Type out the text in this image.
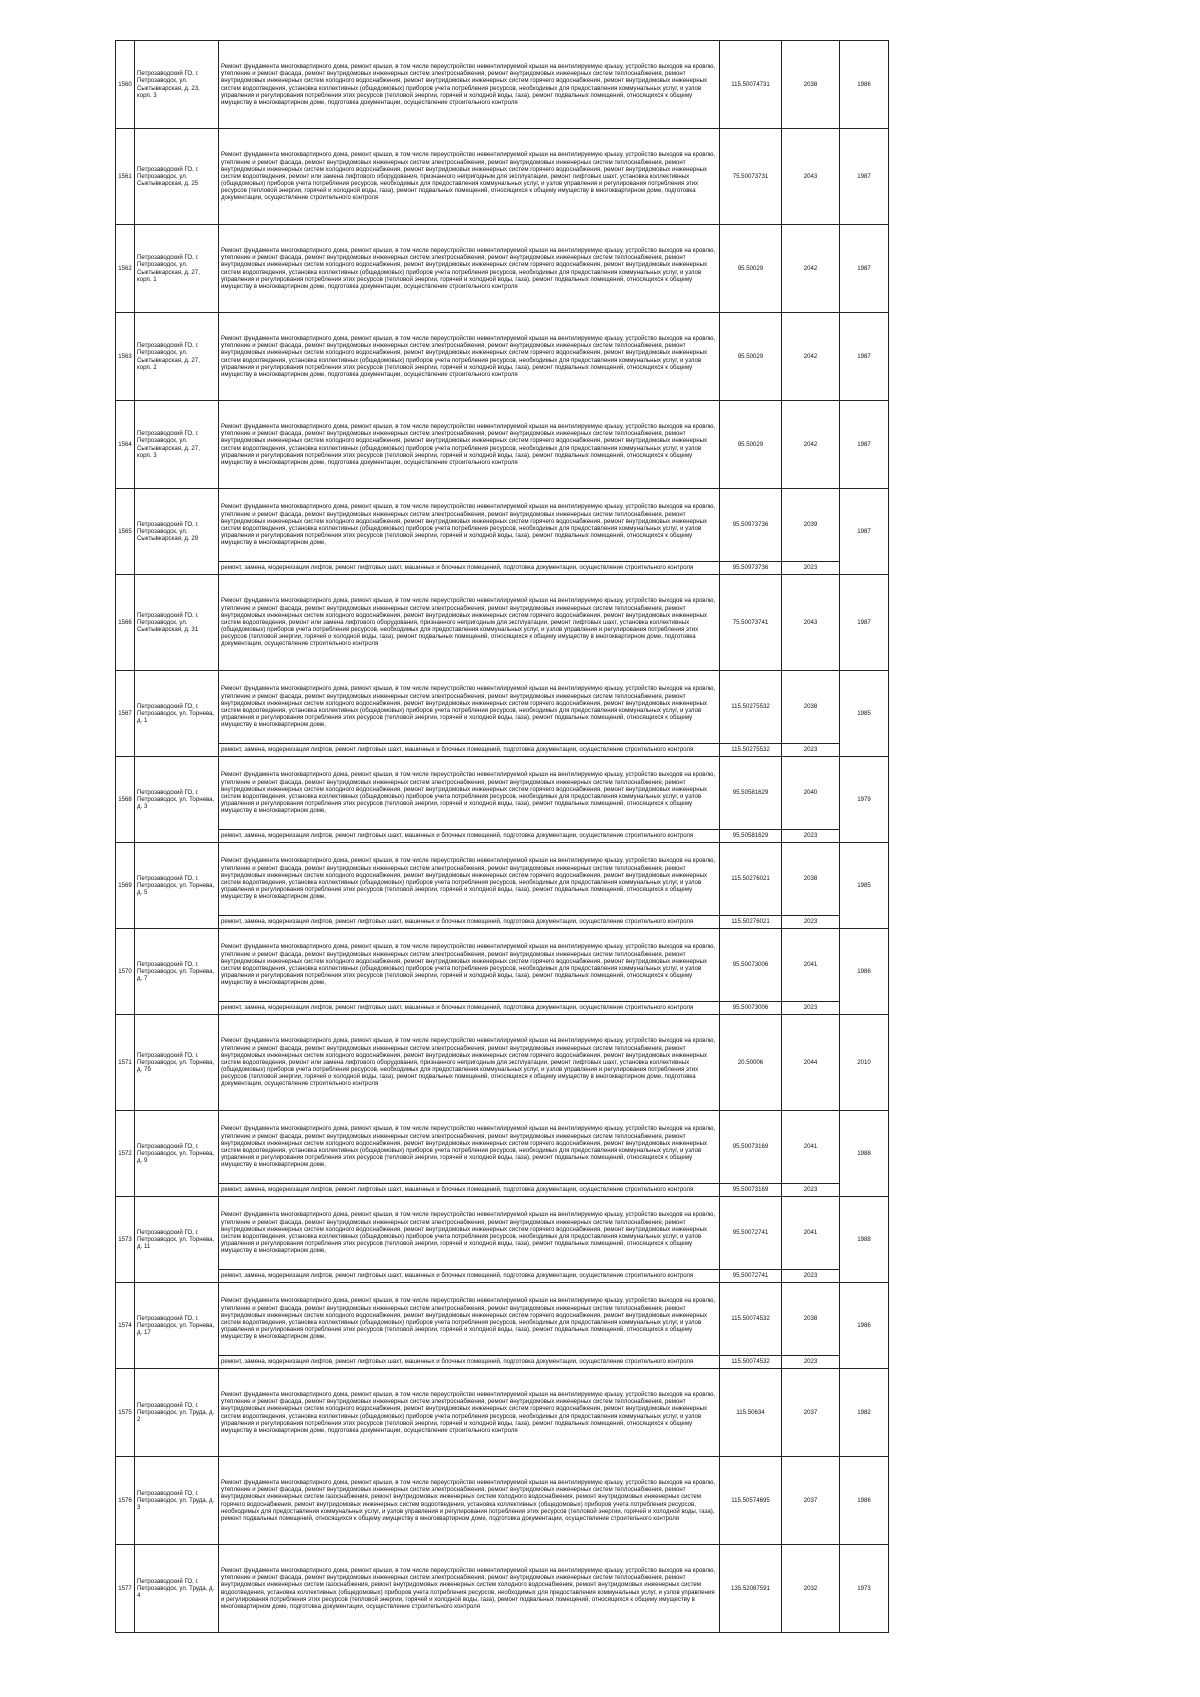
1560	Петрозаводский ГО, г. Петрозаводск, ул. Сыктывкарская, д. 23, корп. 3	Ремонт фундамента многоквартирного дома, ремонт крыши, в том числе переустройство невентилируемой крыши на вентилируемую крышу, устройство выходов на кровлю, утепление и ремонт фасада, ремонт внутридомовых инженерных систем электроснабжения, ремонт внутридомовых инженерных систем теплоснабжения, ремонт внутридомовых инженерных систем холодного водоснабжения, ремонт внутридомовых инженерных систем горячего водоснабжения, ремонт внутридомовых инженерных систем водоотведения, установка коллективных (общедомовых) приборов учета потребления ресурсов, необходимых для предоставления коммунальных услуг, и узлов управления и регулирования потребления этих ресурсов (тепловой энергии, горячей и холодной воды, газа), ремонт подвальных помещений, относящихся к общему имуществу в многоквартирном доме, подготовка документации, осуществление строительного контроля	115.50074731	2038	1986
1561	Петрозаводский ГО, г. Петрозаводск, ул. Сыктывкарская, д. 25	Ремонт фундамента многоквартирного дома, ремонт крыши, в том числе переустройство невентилируемой крыши на вентилируемую крышу, устройство выходов на кровлю, утепление и ремонт фасада, ремонт внутридомовых инженерных систем электроснабжения, ремонт внутридомовых инженерных систем теплоснабжения, ремонт внутридомовых инженерных систем холодного водоснабжения, ремонт внутридомовых инженерных систем горячего водоснабжения, ремонт внутридомовых инженерных систем водоотведения, ремонт или замена лифтового оборудования, признанного непригодным для эксплуатации, ремонт лифтовых шахт, установка коллективных (общедомовых) приборов учета потребления ресурсов, необходимых для предоставления коммунальных услуг, и узлов управления и регулирования потребления этих ресурсов (тепловой энергии, горячей и холодной воды, газа), ремонт подвальных помещений, относящихся к общему имуществу в многоквартирном доме, подготовка документации, осуществление строительного контроля	75.50073731	2043	1987
1562	Петрозаводский ГО, г. Петрозаводск, ул. Сыктывкарская, д. 27, корп. 1	Ремонт фундамента многоквартирного дома, ремонт крыши, в том числе переустройство невентилируемой крыши на вентилируемую крышу, устройство выходов на кровлю, утепление и ремонт фасада, ремонт внутридомовых инженерных систем электроснабжения, ремонт внутридомовых инженерных систем теплоснабжения, ремонт внутридомовых инженерных систем холодного водоснабжения, ремонт внутридомовых инженерных систем горячего водоснабжения, ремонт внутридомовых инженерных систем водоотведения, установка коллективных (общедомовых) приборов учета потребления ресурсов, необходимых для предоставления коммунальных услуг, и узлов управления и регулирования потребления этих ресурсов (тепловой энергии, горячей и холодной воды, газа), ремонт подвальных помещений, относящихся к общему имуществу в многоквартирном доме, подготовка документации, осуществление строительного контроля	95.50029	2042	1987
1563	Петрозаводский ГО, г. Петрозаводск, ул. Сыктывкарская, д. 27, корп. 2	Ремонт фундамента многоквартирного дома, ремонт крыши, в том числе переустройство невентилируемой крыши на вентилируемую крышу, устройство выходов на кровлю, утепление и ремонт фасада, ремонт внутридомовых инженерных систем электроснабжения, ремонт внутридомовых инженерных систем теплоснабжения, ремонт внутридомовых инженерных систем холодного водоснабжения, ремонт внутридомовых инженерных систем горячего водоснабжения, ремонт внутридомовых инженерных систем водоотведения, установка коллективных (общедомовых) приборов учета потребления ресурсов, необходимых для предоставления коммунальных услуг, и узлов управления и регулирования потребления этих ресурсов (тепловой энергии, горячей и холодной воды, газа), ремонт подвальных помещений, относящихся к общему имуществу в многоквартирном доме, подготовка документации, осуществление строительного контроля	95.50029	2042	1987
1564	Петрозаводский ГО, г. Петрозаводск, ул. Сыктывкарская, д. 27, корп. 3	Ремонт фундамента многоквартирного дома, ремонт крыши, в том числе переустройство невентилируемой крыши на вентилируемую крышу, устройство выходов на кровлю, утепление и ремонт фасада, ремонт внутридомовых инженерных систем электроснабжения, ремонт внутридомовых инженерных систем теплоснабжения, ремонт внутридомовых инженерных систем холодного водоснабжения, ремонт внутридомовых инженерных систем горячего водоснабжения, ремонт внутридомовых инженерных систем водоотведения, установка коллективных (общедомовых) приборов учета потребления ресурсов, необходимых для предоставления коммунальных услуг, и узлов управления и регулирования потребления этих ресурсов (тепловой энергии, горячей и холодной воды, газа), ремонт подвальных помещений, относящихся к общему имуществу в многоквартирном доме, подготовка документации, осуществление строительного контроля	95.50029	2042	1987
1565	Петрозаводский ГО, г. Петрозаводск, ул. Сыктывкарская, д. 29	Ремонт фундамента многоквартирного дома, ремонт крыши, в том числе переустройство невентилируемой крыши на вентилируемую крышу, устройство выходов на кровлю, утепление и ремонт фасада, ремонт внутридомовых инженерных систем электроснабжения, ремонт внутридомовых инженерных систем теплоснабжения, ремонт внутридомовых инженерных систем холодного водоснабжения, ремонт внутридомовых инженерных систем горячего водоснабжения, ремонт внутридомовых инженерных систем водоотведения, установка коллективных (общедомовых) приборов учета потребления ресурсов, необходимых для предоставления коммунальных услуг, и узлов управления и регулирования потребления этих ресурсов (тепловой энергии, горячей и холодной воды, газа), ремонт подвальных помещений, относящихся к общему имуществу в многоквартирном доме,	95.50973736	2039	1987
		ремонт, замена, модернизация лифтов, ремонт лифтовых шахт, машинных и блочных помещений, подготовка документации, осуществление строительного контроля	95.50973736	2023	
1566	Петрозаводский ГО, г. Петрозаводск, ул. Сыктывкарская, д. 31	Ремонт фундамента многоквартирного дома, ремонт крыши, в том числе переустройство невентилируемой крыши на вентилируемую крышу, устройство выходов на кровлю, утепление и ремонт фасада, ремонт внутридомовых инженерных систем электроснабжения, ремонт внутридомовых инженерных систем теплоснабжения, ремонт внутридомовых инженерных систем холодного водоснабжения, ремонт внутридомовых инженерных систем горячего водоснабжения, ремонт внутридомовых инженерных систем водоотведения, ремонт или замена лифтового оборудования, признанного непригодным для эксплуатации, ремонт лифтовых шахт, установка коллективных (общедомовых) приборов учета потребления ресурсов, необходимых для предоставления коммунальных услуг, и узлов управления и регулирования потребления этих ресурсов (тепловой энергии, горячей и холодной воды, газа), ремонт подвальных помещений, относящихся к общему имуществу в многоквартирном доме, подготовка документации, осуществление строительного контроля	75.50073741	2043	1987
1567	Петрозаводский ГО, г. Петрозаводск, ул. Торнева, д. 1	Ремонт фундамента многоквартирного дома, ремонт крыши, в том числе переустройство невентилируемой крыши на вентилируемую крышу, устройство выходов на кровлю, утепление и ремонт фасада, ремонт внутридомовых инженерных систем электроснабжения, ремонт внутридомовых инженерных систем теплоснабжения, ремонт внутридомовых инженерных систем холодного водоснабжения, ремонт внутридомовых инженерных систем горячего водоснабжения, ремонт внутридомовых инженерных систем водоотведения, установка коллективных (общедомовых) приборов учета потребления ресурсов, необходимых для предоставления коммунальных услуг, и узлов управления и регулирования потребления этих ресурсов (тепловой энергии, горячей и холодной воды, газа), ремонт подвальных помещений, относящихся к общему имуществу в многоквартирном доме,	115.50275532	2038	1985
		ремонт, замена, модернизация лифтов, ремонт лифтовых шахт, машинных и блочных помещений, подготовка документации, осуществление строительного контроля	115.50275532	2023	
1568	Петрозаводский ГО, г. Петрозаводск, ул. Торнева, д. 3	Ремонт фундамента многоквартирного дома, ремонт крыши, в том числе переустройство невентилируемой крыши на вентилируемую крышу, устройство выходов на кровлю, утепление и ремонт фасада, ремонт внутридомовых инженерных систем электроснабжения, ремонт внутридомовых инженерных систем теплоснабжения, ремонт внутридомовых инженерных систем холодного водоснабжения, ремонт внутридомовых инженерных систем горячего водоснабжения, ремонт внутридомовых инженерных систем водоотведения, установка коллективных (общедомовых) приборов учета потребления ресурсов, необходимых для предоставления коммунальных услуг, и узлов управления и регулирования потребления этих ресурсов (тепловой энергии, горячей и холодной воды, газа), ремонт подвальных помещений, относящихся к общему имуществу в многоквартирном доме,	95.50581629	2040	1979
		ремонт, замена, модернизация лифтов, ремонт лифтовых шахт, машинных и блочных помещений, подготовка документации, осуществление строительного контроля	95.50581629	2023	
1569	Петрозаводский ГО, г. Петрозаводск, ул. Торнева, д. 5	Ремонт фундамента многоквартирного дома, ремонт крыши, в том числе переустройство невентилируемой крыши на вентилируемую крышу, устройство выходов на кровлю, утепление и ремонт фасада, ремонт внутридомовых инженерных систем электроснабжения, ремонт внутридомовых инженерных систем теплоснабжения, ремонт внутридомовых инженерных систем холодного водоснабжения, ремонт внутридомовых инженерных систем горячего водоснабжения, ремонт внутридомовых инженерных систем водоотведения, установка коллективных (общедомовых) приборов учета потребления ресурсов, необходимых для предоставления коммунальных услуг, и узлов управления и регулирования потребления этих ресурсов (тепловой энергии, горячей и холодной воды, газа), ремонт подвальных помещений, относящихся к общему имуществу в многоквартирном доме,	115.50276021	2038	1985
		ремонт, замена, модернизация лифтов, ремонт лифтовых шахт, машинных и блочных помещений, подготовка документации, осуществление строительного контроля	115.50276021	2023	
1570	Петрозаводский ГО, г. Петрозаводск, ул. Торнева, д. 7	Ремонт фундамента многоквартирного дома, ремонт крыши, в том числе переустройство невентилируемой крыши на вентилируемую крышу, устройство выходов на кровлю, утепление и ремонт фасада, ремонт внутридомовых инженерных систем электроснабжения, ремонт внутридомовых инженерных систем теплоснабжения, ремонт внутридомовых инженерных систем холодного водоснабжения, ремонт внутридомовых инженерных систем горячего водоснабжения, ремонт внутридомовых инженерных систем водоотведения, установка коллективных (общедомовых) приборов учета потребления ресурсов, необходимых для предоставления коммунальных услуг, и узлов управления и регулирования потребления этих ресурсов (тепловой энергии, горячей и холодной воды, газа), ремонт подвальных помещений, относящихся к общему имуществу в многоквартирном доме,	95.50073006	2041	1986
		ремонт, замена, модернизация лифтов, ремонт лифтовых шахт, машинных и блочных помещений, подготовка документации, осуществление строительного контроля	95.50073006	2023	
1571	Петрозаводский ГО, г. Петрозаводск, ул. Торнева, д. 7б	Ремонт фундамента многоквартирного дома, ремонт крыши, в том числе переустройство невентилируемой крыши на вентилируемую крышу, устройство выходов на кровлю, утепление и ремонт фасада, ремонт внутридомовых инженерных систем электроснабжения, ремонт внутридомовых инженерных систем теплоснабжения, ремонт внутридомовых инженерных систем холодного водоснабжения, ремонт внутридомовых инженерных систем горячего водоснабжения, ремонт внутридомовых инженерных систем водоотведения, ремонт или замена лифтового оборудования, признанного непригодным для эксплуатации, ремонт лифтовых шахт, установка коллективных (общедомовых) приборов учета потребления ресурсов, необходимых для предоставления коммунальных услуг, и узлов управления и регулирования потребления этих ресурсов (тепловой энергии, горячей и холодной воды, газа), ремонт подвальных помещений, относящихся к общему имуществу в многоквартирном доме, подготовка документации, осуществление строительного контроля	20.50006	2044	2010
1572	Петрозаводский ГО, г. Петрозаводск, ул. Торнева, д. 9	Ремонт фундамента многоквартирного дома, ремонт крыши, в том числе переустройство невентилируемой крыши на вентилируемую крышу, устройство выходов на кровлю, утепление и ремонт фасада, ремонт внутридомовых инженерных систем электроснабжения, ремонт внутридомовых инженерных систем теплоснабжения, ремонт внутридомовых инженерных систем холодного водоснабжения, ремонт внутридомовых инженерных систем горячего водоснабжения, ремонт внутридомовых инженерных систем водоотведения, установка коллективных (общедомовых) приборов учета потребления ресурсов, необходимых для предоставления коммунальных услуг, и узлов управления и регулирования потребления этих ресурсов (тепловой энергии, горячей и холодной воды, газа), ремонт подвальных помещений, относящихся к общему имуществу в многоквартирном доме,	95.50073169	2041	1988
		ремонт, замена, модернизация лифтов, ремонт лифтовых шахт, машинных и блочных помещений, подготовка документации, осуществление строительного контроля	95.50073169	2023	
1573	Петрозаводский ГО, г. Петрозаводск, ул. Торнева, д. 11	Ремонт фундамента многоквартирного дома, ремонт крыши, в том числе переустройство невентилируемой крыши на вентилируемую крышу, устройство выходов на кровлю, утепление и ремонт фасада, ремонт внутридомовых инженерных систем электроснабжения, ремонт внутридомовых инженерных систем теплоснабжения, ремонт внутридомовых инженерных систем холодного водоснабжения, ремонт внутридомовых инженерных систем горячего водоснабжения, ремонт внутридомовых инженерных систем водоотведения, установка коллективных (общедомовых) приборов учета потребления ресурсов, необходимых для предоставления коммунальных услуг, и узлов управления и регулирования потребления этих ресурсов (тепловой энергии, горячей и холодной воды, газа), ремонт подвальных помещений, относящихся к общему имуществу в многоквартирном доме,	95.50072741	2041	1988
		ремонт, замена, модернизация лифтов, ремонт лифтовых шахт, машинных и блочных помещений, подготовка документации, осуществление строительного контроля	95.50072741	2023	
1574	Петрозаводский ГО, г. Петрозаводск, ул. Торнева, д. 17	Ремонт фундамента многоквартирного дома, ремонт крыши, в том числе переустройство невентилируемой крыши на вентилируемую крышу, устройство выходов на кровлю, утепление и ремонт фасада, ремонт внутридомовых инженерных систем электроснабжения, ремонт внутридомовых инженерных систем теплоснабжения, ремонт внутридомовых инженерных систем холодного водоснабжения, ремонт внутридомовых инженерных систем горячего водоснабжения, ремонт внутридомовых инженерных систем водоотведения, установка коллективных (общедомовых) приборов учета потребления ресурсов, необходимых для предоставления коммунальных услуг, и узлов управления и регулирования потребления этих ресурсов (тепловой энергии, горячей и холодной воды, газа), ремонт подвальных помещений, относящихся к общему имуществу в многоквартирном доме,	115.50074532	2038	1986
		ремонт, замена, модернизация лифтов, ремонт лифтовых шахт, машинных и блочных помещений, подготовка документации, осуществление строительного контроля	115.50074532	2023	
1575	Петрозаводский ГО, г. Петрозаводск, ул. Труда, д. 2	Ремонт фундамента многоквартирного дома, ремонт крыши, в том числе переустройство невентилируемой крыши на вентилируемую крышу, устройство выходов на кровлю, утепление и ремонт фасада, ремонт внутридомовых инженерных систем электроснабжения, ремонт внутридомовых инженерных систем теплоснабжения, ремонт внутридомовых инженерных систем холодного водоснабжения, ремонт внутридомовых инженерных систем горячего водоснабжения, ремонт внутридомовых инженерных систем водоотведения, установка коллективных (общедомовых) приборов учета потребления ресурсов, необходимых для предоставления коммунальных услуг, и узлов управления и регулирования потребления этих ресурсов (тепловой энергии, горячей и холодной воды, газа), ремонт подвальных помещений, относящихся к общему имуществу в многоквартирном доме, подготовка документации, осуществление строительного контроля	115.50634	2037	1982
1576	Петрозаводский ГО, г. Петрозаводск, ул. Труда, д. 3	Ремонт фундамента многоквартирного дома, ремонт крыши, в том числе переустройство невентилируемой крыши на вентилируемую крышу, устройство выходов на кровлю, утепление и ремонт фасада, ремонт внутридомовых инженерных систем электроснабжения, ремонт внутридомовых инженерных систем теплоснабжения, ремонт внутридомовых инженерных систем газоснабжения, ремонт внутридомовых инженерных систем холодного водоснабжения, ремонт внутридомовых инженерных систем горячего водоснабжения, ремонт внутридомовых инженерных систем водоотведения, установка коллективных (общедомовых) приборов учета потребления ресурсов, необходимых для предоставления коммунальных услуг, и узлов управления и регулирования потребления этих ресурсов (тепловой энергии, горячей и холодной воды, газа), ремонт подвальных помещений, относящихся к общему имуществу в многоквартирном доме, подготовка документации, осуществление строительного контроля	115.50574695	2037	1986
1577	Петрозаводский ГО, г. Петрозаводск, ул. Труда, д. 4	Ремонт фундамента многоквартирного дома, ремонт крыши, в том числе переустройство невентилируемой крыши на вентилируемую крышу, устройство выходов на кровлю, утепление и ремонт фасада, ремонт внутридомовых инженерных систем электроснабжения, ремонт внутридомовых инженерных систем теплоснабжения, ремонт внутридомовых инженерных систем газоснабжения, ремонт внутридомовых инженерных систем холодного водоснабжения, ремонт внутридомовых инженерных систем водоотведения, установка коллективных (общедомовых) приборов учета потребления ресурсов, необходимых для предоставления коммунальных услуг, и узлов управления и регулирования потребления этих ресурсов (тепловой энергии, горячей и холодной воды, газа), ремонт подвальных помещений, относящихся к общему имуществу в многоквартирном доме, подготовка документации, осуществление строительного контроля	135.52087591	2032	1973
